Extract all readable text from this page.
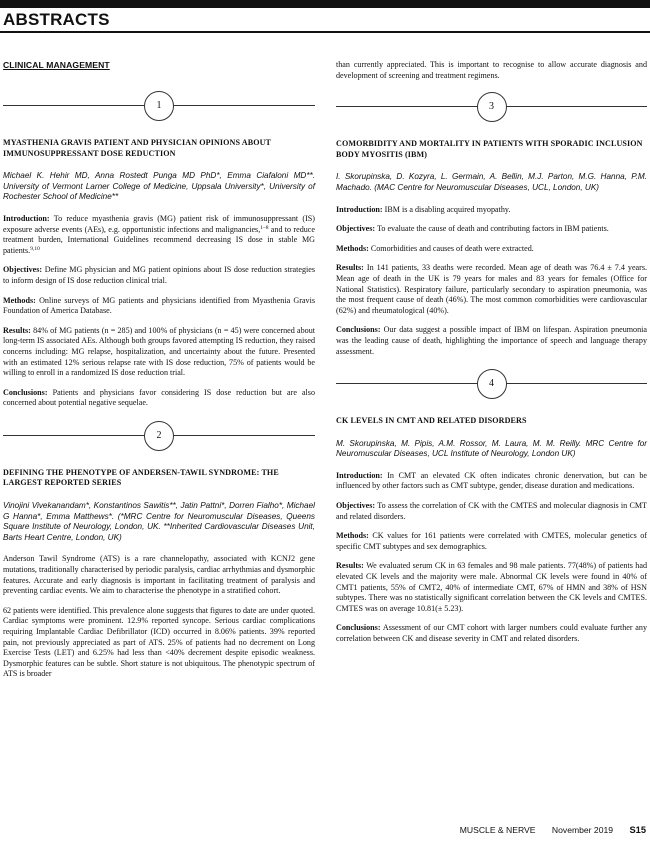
ABSTRACTS
CLINICAL MANAGEMENT
1
MYASTHENIA GRAVIS PATIENT AND PHYSICIAN OPINIONS ABOUT IMMUNOSUPPRESSANT DOSE REDUCTION
Michael K. Hehir MD, Anna Rostedt Punga MD PhD*, Emma Ciafaloni MD**. University of Vermont Larner College of Medicine, Uppsala University*, University of Rochester School of Medicine**

Introduction: To reduce myasthenia gravis (MG) patient risk of immunosuppressant (IS) exposure adverse events (AEs), e.g. opportunistic infections and malignancies,$^{1-8}$ and to reduce treatment burden, International Guidelines recommend decreasing IS dose in stable MG patients.$^{9,10}$

Objectives: Define MG physician and MG patient opinions about IS dose reduction strategies to inform design of IS dose reduction clinical trial.

Methods: Online surveys of MG patients and physicians identified from Myasthenia Gravis Foundation of America Database.

Results: 84% of MG patients (n = 285) and 100% of physicians (n = 45) were concerned about long-term IS associated AEs. Although both groups favored attempting IS reduction, they raised concerns including: MG relapse, hospitalization, and uncertainty about the future. Presented with an estimated 12% serious relapse rate with IS dose reduction, 75% of patients would be willing to enroll in a randomized IS dose reduction trial.

Conclusions: Patients and physicians favor considering IS dose reduction but are also concerned about potential negative sequelae.

2
DEFINING THE PHENOTYPE OF ANDERSEN-TAWIL SYNDROME: THE LARGEST REPORTED SERIES
Vinojini Vivekanandam*, Konstantinos Sawitis**, Jatin Pattni*, Dorren Fialho*, Michael G Hanna*, Emma Matthews*. (*MRC Centre for Neuromuscular Diseases, Queens Square Institute of Neurology, London, UK. **Inherited Cardiovascular Diseases Unit, Barts Heart Centre, London, UK)

Anderson Tawil Syndrome (ATS) is a rare channelopathy, associated with KCNJ2 gene mutations, traditionally characterised by periodic paralysis, cardiac arrhythmias and dysmorphic features. Accurate and early diagnosis is important in facilitating treatment of paralysis and preventing cardiac events. We aim to characterise the phenotype in a stratified cohort.

62 patients were identified. This prevalence alone suggests that figures to date are under quoted. Cardiac symptoms were prominent. 12.9% reported syncope. Serious cardiac complications requiring Implantable Cardiac Defibrillator (ICD) occurred in 8.06% patients. 39% reported pain, not previously appreciated as part of ATS. 25% of patients had no decrement on Long Exercise Tests (LET) and 6.25% had less than <40% decrement despite episodic weakness. Dysmorphic features can be subtle. Short stature is not ubiquitous. The phenotypic spectrum of ATS is broader

than currently appreciated. This is important to recognise to allow accurate diagnosis and development of screening and treatment regimens.

3
COMORBIDITY AND MORTALITY IN PATIENTS WITH SPORADIC INCLUSION BODY MYOSITIS (IBM)
I. Skorupinska, D. Kozyra, L. Germain, A. Bellin, M.J. Parton, M.G. Hanna, P.M. Machado. (MAC Centre for Neuromuscular Diseases, UCL, London, UK)

Introduction: IBM is a disabling acquired myopathy.

Objectives: To evaluate the cause of death and contributing factors in IBM patients.

Methods: Comorbidities and causes of death were extracted.

Results: In 141 patients, 33 deaths were recorded. Mean age of death was 76.4 ± 7.4 years. Mean age of death in the UK is 79 years for males and 83 years for females (Office for National Statistics). Respiratory failure, particularly secondary to aspiration pneumonia, was the most frequent cause of death (46%). The most common comorbidities were cardiovascular (62%) and rheumatological (40%).

Conclusions: Our data suggest a possible impact of IBM on lifespan. Aspiration pneumonia was the leading cause of death, highlighting the importance of speech and language therapy assessment.

4
CK LEVELS IN CMT AND RELATED DISORDERS
M. Skorupinska, M. Pipis, A.M. Rossor, M. Laura, M. M. Reilly. MRC Centre for Neuromuscular Diseases, UCL Institute of Neurology, London UK)

Introduction: In CMT an elevated CK often indicates chronic denervation, but can be influenced by other factors such as CMT subtype, gender, disease duration and medications.

Objectives: To assess the correlation of CK with the CMTES and molecular diagnosis in CMT and related disorders.

Methods: CK values for 161 patients were correlated with CMTES, molecular genetics of specific CMT subtypes and sex demographics.

Results: We evaluated serum CK in 63 females and 98 male patients. 77(48%) of patients had elevated CK levels and the majority were male. Abnormal CK levels were found in 40% of CMT1 patients, 55% of CMT2, 40% of intermediate CMT, 67% of HMN and 38% of HSN subtypes. There was no statistically significant correlation between the CK levels and CMTES. CMTES was on average 10.81(± 5.23).

Conclusions: Assessment of our CMT cohort with larger numbers could evaluate further any correlation between CK and disease severity in CMT and related disorders.

MUSCLE & NERVE November 2019 S15
